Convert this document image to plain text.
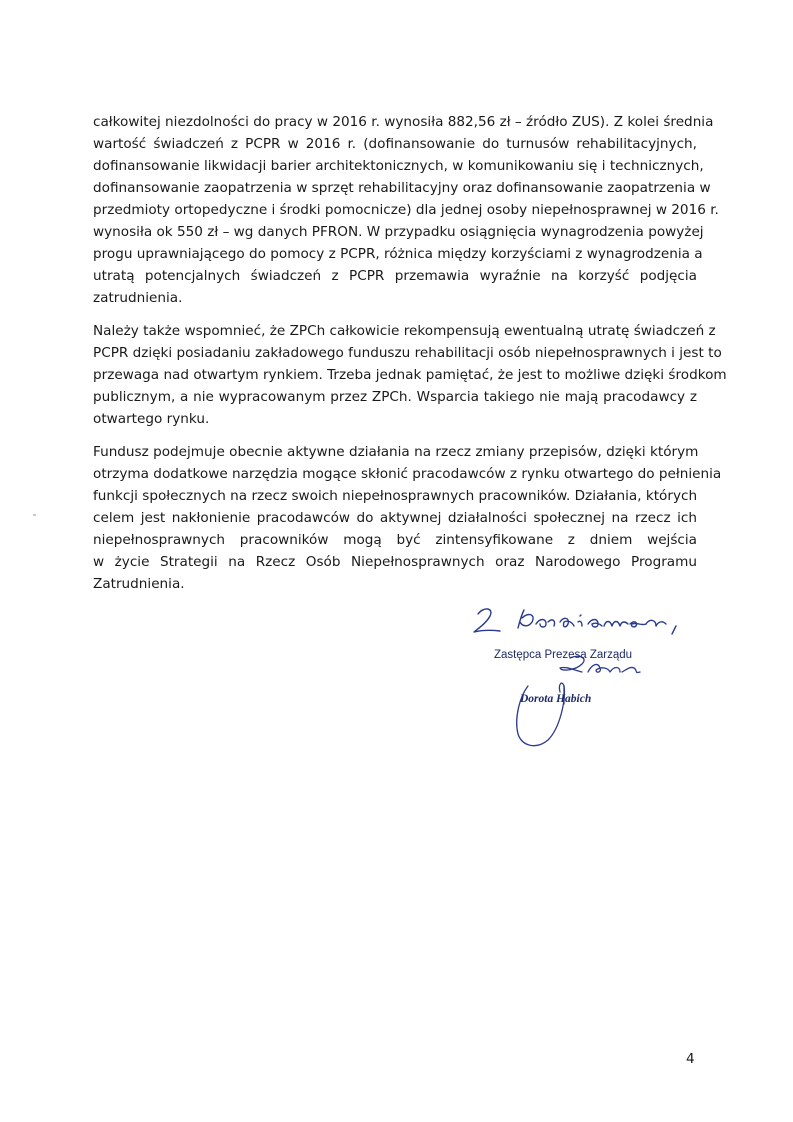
całkowitej niezdolności do pracy w 2016 r. wynosiła 882,56 zł – źródło ZUS). Z kolei średnia
wartość świadczeń z PCPR w 2016 r. (dofinansowanie do turnusów rehabilitacyjnych,
dofinansowanie likwidacji barier architektonicznych, w komunikowaniu się i technicznych,
dofinansowanie zaopatrzenia w sprzęt rehabilitacyjny oraz dofinansowanie zaopatrzenia w
przedmioty ortopedyczne i środki pomocnicze) dla jednej osoby niepełnosprawnej w 2016 r.
wynosiła ok 550 zł – wg danych PFRON. W przypadku osiągnięcia wynagrodzenia powyżej
progu uprawniającego do pomocy z PCPR, różnica między korzyściami z wynagrodzenia a
utratą potencjalnych świadczeń z PCPR przemawia wyraźnie na korzyść podjęcia
zatrudnienia.

Należy także wspomnieć, że ZPCh całkowicie rekompensują ewentualną utratę świadczeń z
PCPR dzięki posiadaniu zakładowego funduszu rehabilitacji osób niepełnosprawnych i jest to
przewaga nad otwartym rynkiem. Trzeba jednak pamiętać, że jest to możliwe dzięki środkom
publicznym, a nie wypracowanym przez ZPCh. Wsparcia takiego nie mają pracodawcy z
otwartego rynku.

Fundusz podejmuje obecnie aktywne działania na rzecz zmiany przepisów, dzięki którym
otrzyma dodatkowe narzędzia mogące skłonić pracodawców z rynku otwartego do pełnienia
funkcji społecznych na rzecz swoich niepełnosprawnych pracowników. Działania, których
celem jest nakłonienie pracodawców do aktywnej działalności społecznej na rzecz ich
niepełnosprawnych pracowników mogą być zintensyfikowane z dniem wejścia
w życie Strategii na Rzecz Osób Niepełnosprawnych oraz Narodowego Programu
Zatrudnienia.

Zastępca Prezesa Zarządu
Dorota Habich
4
